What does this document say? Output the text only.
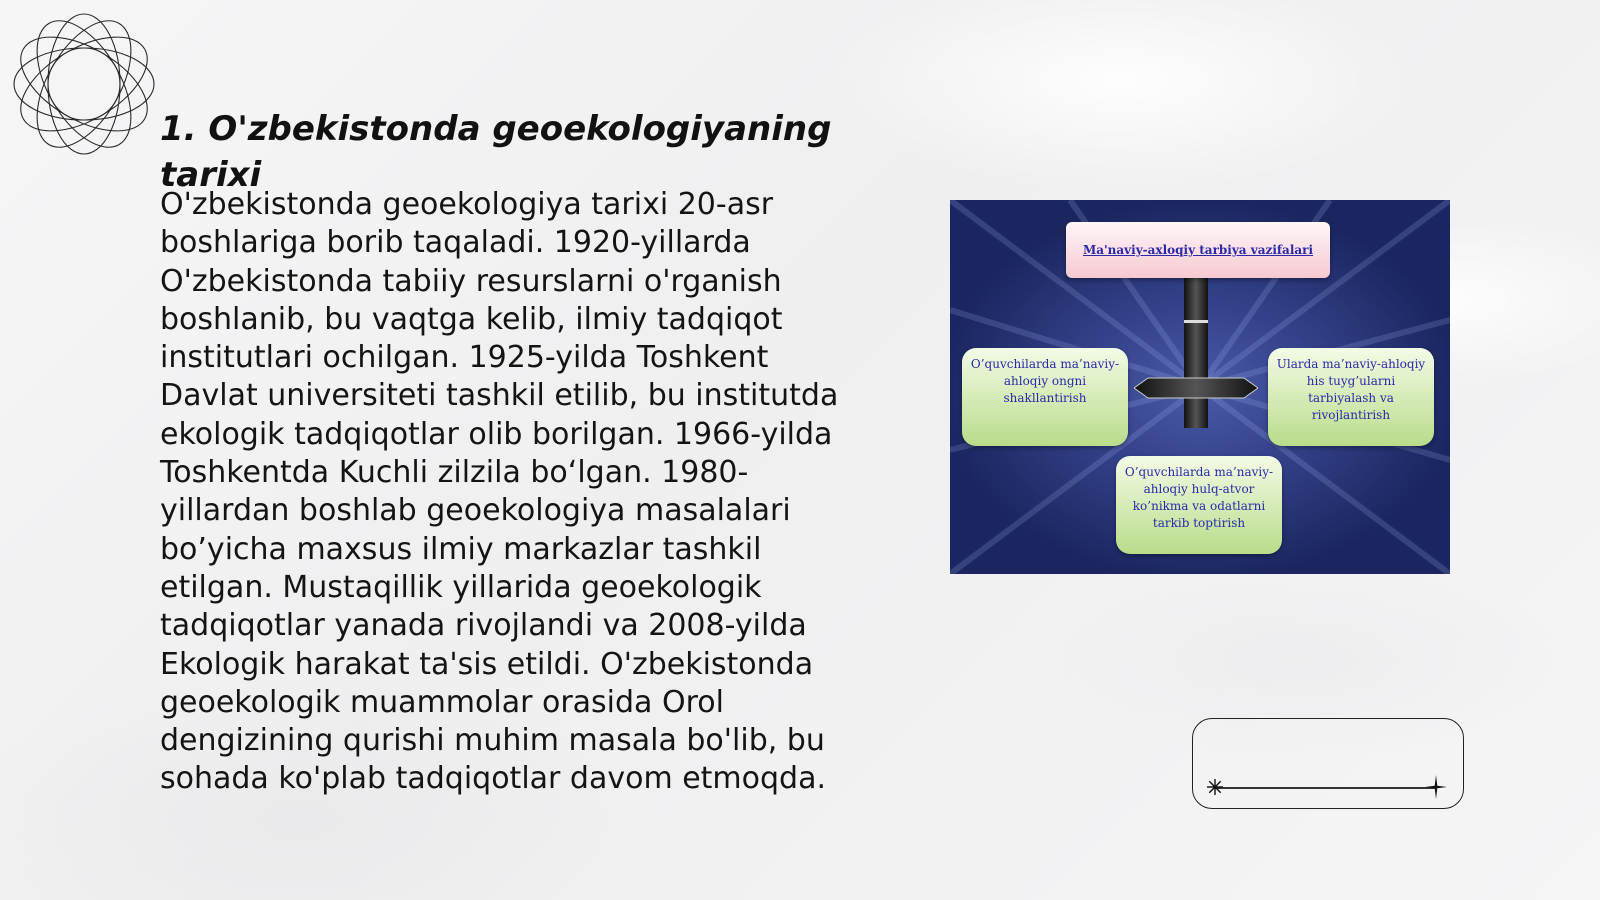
1. O'zbekistonda geoekologiyaning tarixi

O'zbekistonda geoekologiya tarixi 20-asr boshlariga borib taqaladi. 1920-yillarda O'zbekistonda tabiiy resurslarni o'rganish boshlanib, bu vaqtga kelib, ilmiy tadqiqot institutlari ochilgan. 1925-yilda Toshkent Davlat universiteti tashkil etilib, bu institutda ekologik tadqiqotlar olib borilgan. 1966-yilda Toshkentda Kuchli zilzila bo‘lgan. 1980-yillardan boshlab geoekologiya masalalari bo’yicha maxsus ilmiy markazlar tashkil etilgan. Mustaqillik yillarida geoekologik tadqiqotlar yanada rivojlandi va 2008-yilda Ekologik harakat ta'sis etildi. O'zbekistonda geoekologik muammolar orasida Orol dengizining qurishi muhim masala bo'lib, bu sohada ko'plab tadqiqotlar davom etmoqda.

Ma'naviy-axloqiy tarbiya vazifalari
O’quvchilarda ma’naviy-ahloqiy ongni shakllantirish
Ularda ma’naviy-ahloqiy his tuyg’ularni tarbiyalash va rivojlantirish
O’quvchilarda ma’naviy-ahloqiy hulq-atvor ko’nikma va odatlarni tarkib toptirish
